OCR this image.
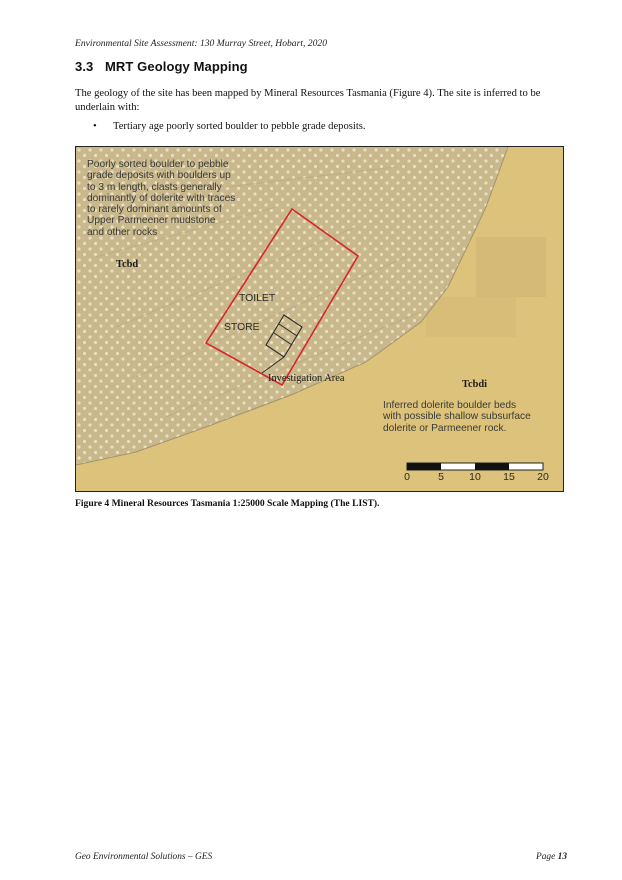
Environmental Site Assessment: 130 Murray Street, Hobart, 2020
3.3 MRT Geology Mapping
The geology of the site has been mapped by Mineral Resources Tasmania (Figure 4). The site is inferred to be underlain with:
• Tertiary age poorly sorted boulder to pebble grade deposits.
Poorly sorted boulder to pebble
grade deposits with boulders up
to 3 m length, clasts generally
dominantly of dolerite with traces
to rarely dominant amounts of
Upper Parmeener mudstone
and other rocks
Tcbd
TOILET
STORE
Investigation Area
Tcbdi
Inferred dolerite boulder beds
with possible shallow subsurface
dolerite or Parmeener rock.
0	5 10 15 20
Figure 4 Mineral Resources Tasmania 1:25000 Scale Mapping (The LIST).
Geo Environmental Solutions – GES	Page 13
